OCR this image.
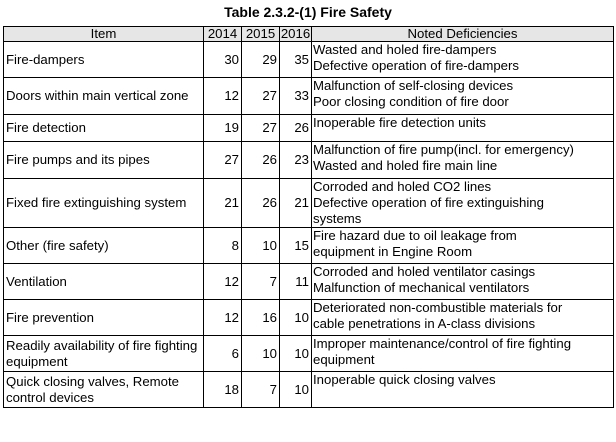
Table 2.3.2-(1) Fire Safety
Item	2014	2015	2016	Noted Deficiencies
Fire-dampers	30	29	35	Wasted and holed fire-dampers
Defective operation of fire-dampers

Doors within main vertical zone	12	27	33	Malfunction of self-closing devices
Poor closing condition of fire door

Fire detection	19	27	26	Inoperable fire detection units

Fire pumps and its pipes	27	26	23	Malfunction of fire pump(incl. for emergency)
Wasted and holed fire main line

Fixed fire extinguishing system	21	26	21	Corroded and holed CO2 lines
Defective operation of fire extinguishing
systems

Other (fire safety)	8	10	15	Fire hazard due to oil leakage from
equipment in Engine Room

Ventilation	12	7	11	Corroded and holed ventilator casings
Malfunction of mechanical ventilators

Fire prevention	12	16	10	Deteriorated non-combustible materials for
cable penetrations in A-class divisions

Readily availability of fire fighting equipment	6	10	10	Improper maintenance/control of fire fighting
equipment

Quick closing valves, Remote control devices	18	7	10	Inoperable quick closing valves
